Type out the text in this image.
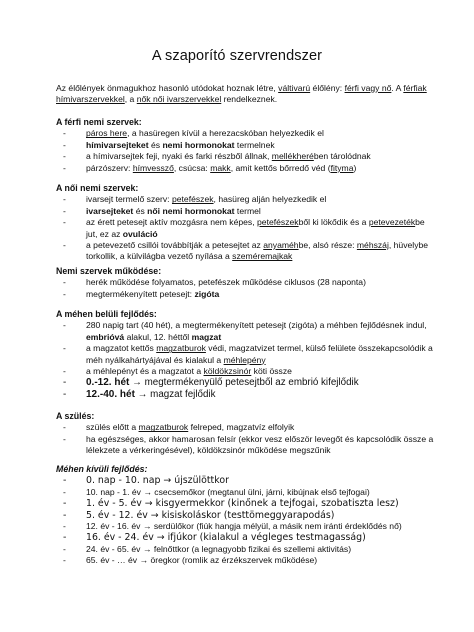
A szaporító szervrendszer

Az élőlények önmagukhoz hasonló utódokat hoznak létre, váltivarú élőlény: férfi vagy nő. A férfiak hímivarszervekkel, a nők női ivarszervekkel rendelkeznek.

A férfi nemi szervek:

- páros here, a hasüregen kívül a herezacskóban helyezkedik el
- hímivarsejteket és nemi hormonokat termelnek
- a hímivarsejtek feji, nyaki és farki részből állnak, mellékherében tárolódnak
- párzószerv: hímvessző, csúcsa: makk, amit kettős bőrredő véd (fityma)

A női nemi szervek:

- ivarsejt termelő szerv: petefészek, hasüreg alján helyezkedik el
- ivarsejteket és női nemi hormonokat termel
- az érett petesejt aktív mozgásra nem képes, petefészekből ki lökődik és a petevezetékbe jut, ez az ovuláció
- a petevezető csillói továbbítják a petesejtet az anyaméhbe, alsó része: méhszáj, hüvelybe torkollik, a külvilágba vezető nyílása a szeméremajkak

Nemi szervek működése:

- herék működése folyamatos, petefészek működése ciklusos (28 naponta)
- megtermékenyített petesejt: zigóta

A méhen belüli fejlődés:

- 280 napig tart (40 hét), a megtermékenyített petesejt (zigóta) a méhben fejlődésnek indul, embrióvá alakul, 12. héttől magzat
- a magzatot kettős magzatburok védi, magzatvizet termel, külső felülete összekapcsolódik a méh nyálkahártyájával és kialakul a méhlepény
- a méhlepényt és a magzatot a köldökzsinór köti össze
- 0.-12. hét → megtermékenyülő petesejtből az embrió kifejlődik
- 12.-40. hét → magzat fejlődik

A szülés:

- szülés előtt a magzatburok felreped, magzatvíz elfolyik
- ha egészséges, akkor hamarosan felsír (ekkor vesz először levegőt és kapcsolódik össze a lélekzete a vérkeringésével), köldökzsinór működése megszűnik

Méhen kívüli fejlődés:

- 0. nap - 10. nap → újszülöttkor
- 10. nap - 1. év → csecsemőkor (megtanul ülni, járni, kibújnak első tejfogai)
- 1. év - 5. év → kisgyermekkor (kinőnek a tejfogai, szobatiszta lesz)
- 5. év - 12. év → kisiskoláskor (testtömeggyarapodás)
- 12. év - 16. év → serdülőkor (fiúk hangja mélyül, a másik nem iránti érdeklődés nő)
- 16. év - 24. év → ifjúkor (kialakul a végleges testmagasság)
- 24. év - 65. év → felnőttkor (a legnagyobb fizikai és szellemi aktivitás)
- 65. év - … év → öregkor (romlik az érzékszervek működése)
